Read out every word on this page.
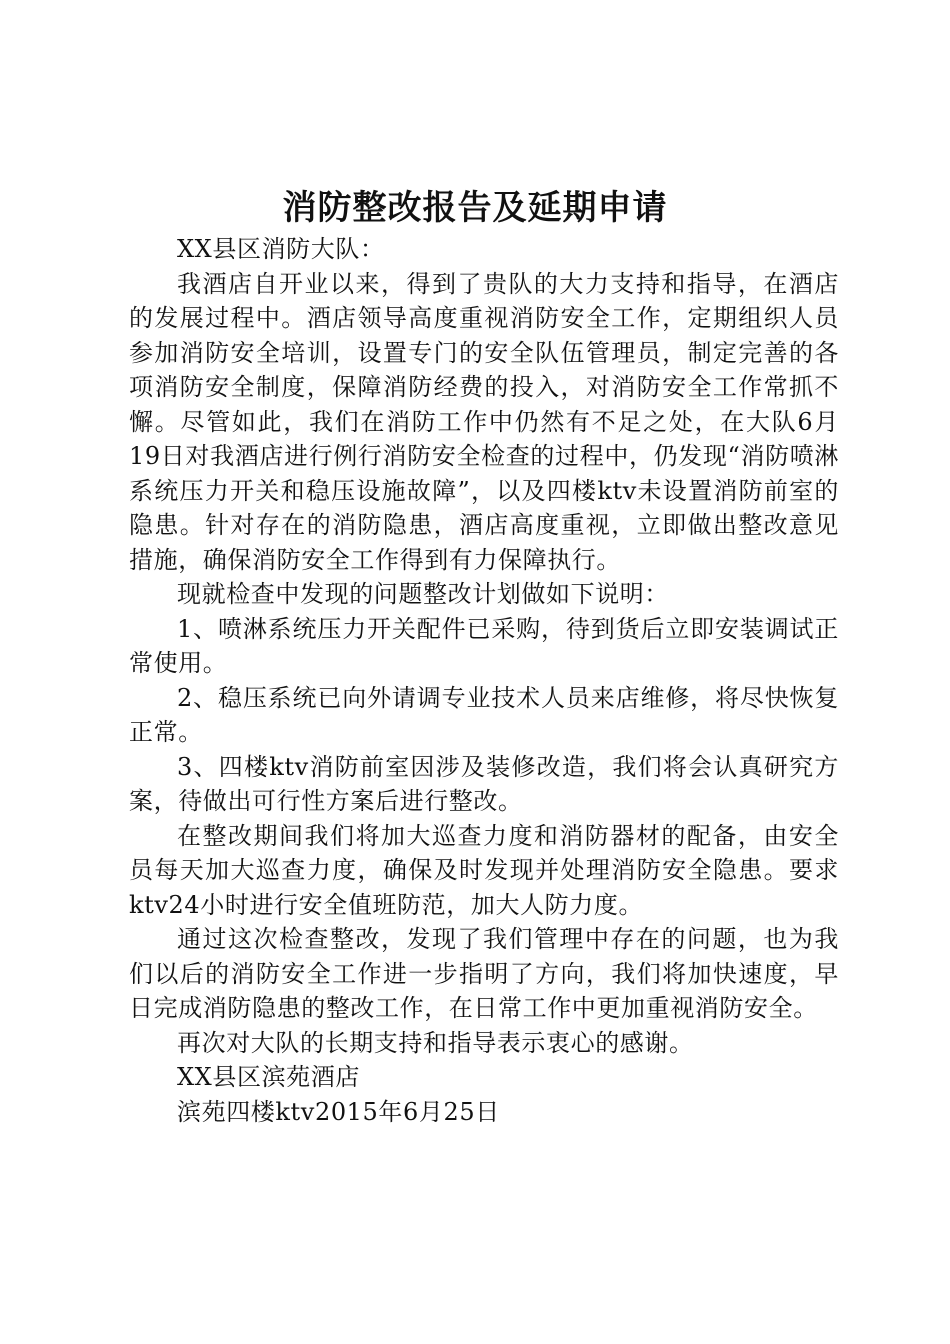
消防整改报告及延期申请

XX县区消防大队：

我酒店自开业以来，得到了贵队的大力支持和指导，在酒店的发展过程中。酒店领导高度重视消防安全工作，定期组织人员参加消防安全培训，设置专门的安全队伍管理员，制定完善的各项消防安全制度，保障消防经费的投入，对消防安全工作常抓不懈。尽管如此，我们在消防工作中仍然有不足之处，在大队6月19日对我酒店进行例行消防安全检查的过程中，仍发现“消防喷淋系统压力开关和稳压设施故障”，以及四楼ktv未设置消防前室的隐患。针对存在的消防隐患，酒店高度重视，立即做出整改意见措施，确保消防安全工作得到有力保障执行。

现就检查中发现的问题整改计划做如下说明：

1、喷淋系统压力开关配件已采购，待到货后立即安装调试正常使用。

2、稳压系统已向外请调专业技术人员来店维修，将尽快恢复正常。

3、四楼ktv消防前室因涉及装修改造，我们将会认真研究方案，待做出可行性方案后进行整改。

在整改期间我们将加大巡查力度和消防器材的配备，由安全员每天加大巡查力度，确保及时发现并处理消防安全隐患。要求ktv24小时进行安全值班防范，加大人防力度。

通过这次检查整改，发现了我们管理中存在的问题，也为我们以后的消防安全工作进一步指明了方向，我们将加快速度，早日完成消防隐患的整改工作，在日常工作中更加重视消防安全。

再次对大队的长期支持和指导表示衷心的感谢。

XX县区滨苑酒店

滨苑四楼ktv2015年6月25日
